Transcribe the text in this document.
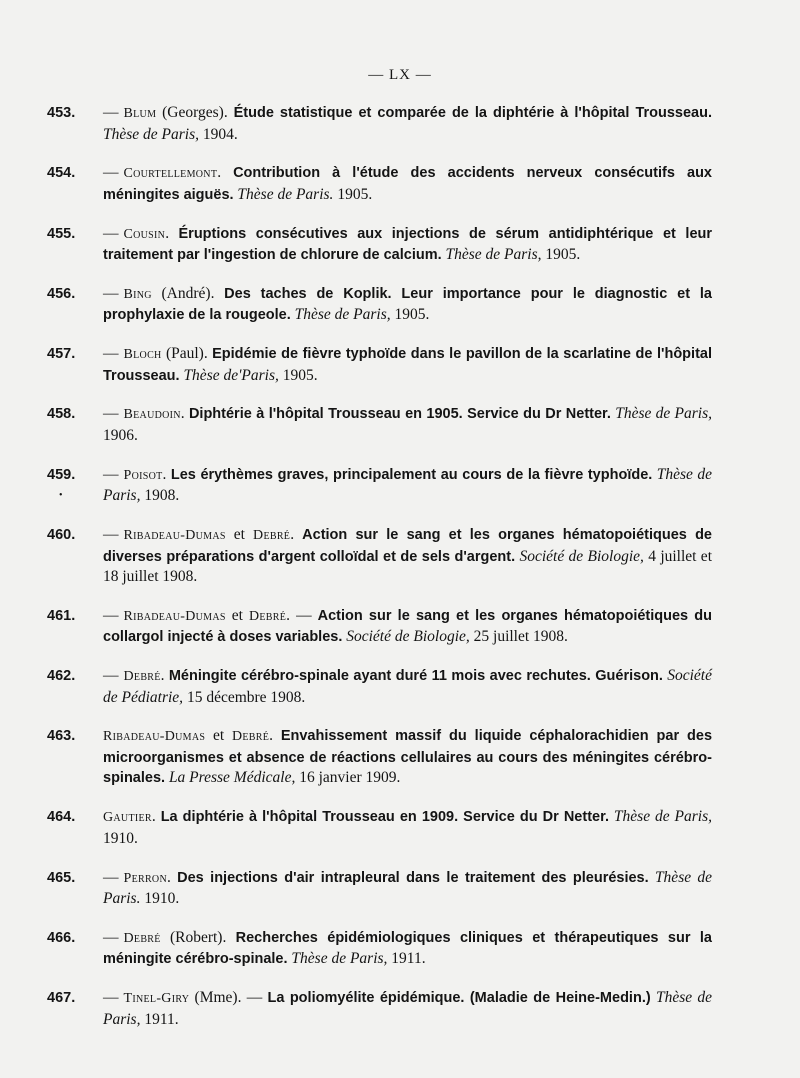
— LX —
453. — Blum (Georges). Étude statistique et comparée de la diphtérie à l'hôpital Trousseau. Thèse de Paris, 1904.
454. — Courtellemont. Contribution à l'étude des accidents nerveux consécutifs aux méningites aiguës. Thèse de Paris. 1905.
455. — Cousin. Éruptions consécutives aux injections de sérum antidiphtérique et leur traitement par l'ingestion de chlorure de calcium. Thèse de Paris, 1905.
456. — Bing (André). Des taches de Koplik. Leur importance pour le diagnostic et la prophylaxie de la rougeole. Thèse de Paris, 1905.
457. — Bloch (Paul). Epidémie de fièvre typhoïde dans le pavillon de la scarlatine de l'hôpital Trousseau. Thèse de'Paris, 1905.
458. — Beaudoin. Diphtérie à l'hôpital Trousseau en 1905. Service du Dr Netter. Thèse de Paris, 1906.
459. — Poisot. Les érythèmes graves, principalement au cours de la fièvre typhoïde. Thèse de Paris, 1908.
•
460. — Ribadeau-Dumas et Debré. Action sur le sang et les organes hématopoiétiques de diverses préparations d'argent colloïdal et de sels d'argent. Société de Biologie, 4 juillet et 18 juillet 1908.
461. — Ribadeau-Dumas et Debré. — Action sur le sang et les organes hématopoiétiques du collargol injecté à doses variables. Société de Biologie, 25 juillet 1908.
462. — Debré. Méningite cérébro-spinale ayant duré 11 mois avec rechutes. Guérison. Société de Pédiatrie, 15 décembre 1908.
463. Ribadeau-Dumas et Debré. Envahissement massif du liquide céphalorachidien par des microorganismes et absence de réactions cellulaires au cours des méningites cérébro-spinales. La Presse Médicale, 16 janvier 1909.
464. Gautier. La diphtérie à l'hôpital Trousseau en 1909. Service du Dr Netter. Thèse de Paris, 1910.
465. — Perron. Des injections d'air intrapleural dans le traitement des pleurésies. Thèse de Paris. 1910.
466. — Debré (Robert). Recherches épidémiologiques cliniques et thérapeutiques sur la méningite cérébro-spinale. Thèse de Paris, 1911.
467. — Tinel-Giry (Mme). — La poliomyélite épidémique. (Maladie de Heine-Medin.) Thèse de Paris, 1911.
